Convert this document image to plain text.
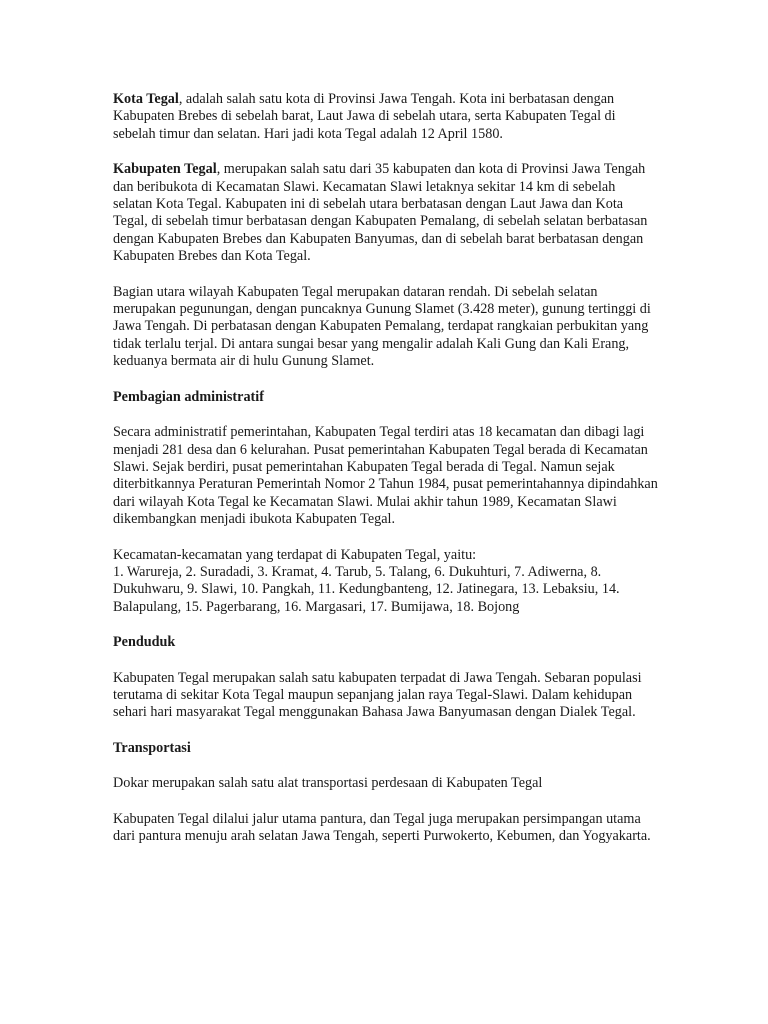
Kota Tegal, adalah salah satu kota di Provinsi Jawa Tengah. Kota ini berbatasan dengan Kabupaten Brebes di sebelah barat, Laut Jawa di sebelah utara, serta Kabupaten Tegal di sebelah timur dan selatan. Hari jadi kota Tegal adalah 12 April 1580.

Kabupaten Tegal, merupakan salah satu dari 35 kabupaten dan kota di Provinsi Jawa Tengah dan beribukota di Kecamatan Slawi. Kecamatan Slawi letaknya sekitar 14 km di sebelah selatan Kota Tegal. Kabupaten ini di sebelah utara berbatasan dengan Laut Jawa dan Kota Tegal, di sebelah timur berbatasan dengan Kabupaten Pemalang, di sebelah selatan berbatasan dengan Kabupaten Brebes dan Kabupaten Banyumas, dan di sebelah barat berbatasan dengan Kabupaten Brebes dan Kota Tegal.

Bagian utara wilayah Kabupaten Tegal merupakan dataran rendah. Di sebelah selatan merupakan pegunungan, dengan puncaknya Gunung Slamet (3.428 meter), gunung tertinggi di Jawa Tengah. Di perbatasan dengan Kabupaten Pemalang, terdapat rangkaian perbukitan yang tidak terlalu terjal. Di antara sungai besar yang mengalir adalah Kali Gung dan Kali Erang, keduanya bermata air di hulu Gunung Slamet.

Pembagian administratif

Secara administratif pemerintahan, Kabupaten Tegal terdiri atas 18 kecamatan dan dibagi lagi menjadi 281 desa dan 6 kelurahan. Pusat pemerintahan Kabupaten Tegal berada di Kecamatan Slawi. Sejak berdiri, pusat pemerintahan Kabupaten Tegal berada di Tegal. Namun sejak diterbitkannya Peraturan Pemerintah Nomor 2 Tahun 1984, pusat pemerintahannya dipindahkan dari wilayah Kota Tegal ke Kecamatan Slawi. Mulai akhir tahun 1989, Kecamatan Slawi dikembangkan menjadi ibukota Kabupaten Tegal.

Kecamatan-kecamatan yang terdapat di Kabupaten Tegal, yaitu:
1. Warureja, 2. Suradadi, 3. Kramat, 4. Tarub, 5. Talang, 6. Dukuhturi, 7. Adiwerna, 8. Dukuhwaru, 9. Slawi, 10. Pangkah, 11. Kedungbanteng, 12. Jatinegara, 13. Lebaksiu, 14. Balapulang, 15. Pagerbarang, 16. Margasari, 17. Bumijawa, 18. Bojong

Penduduk

Kabupaten Tegal merupakan salah satu kabupaten terpadat di Jawa Tengah. Sebaran populasi terutama di sekitar Kota Tegal maupun sepanjang jalan raya Tegal-Slawi. Dalam kehidupan sehari hari masyarakat Tegal menggunakan Bahasa Jawa Banyumasan dengan Dialek Tegal.

Transportasi

Dokar merupakan salah satu alat transportasi perdesaan di Kabupaten Tegal

Kabupaten Tegal dilalui jalur utama pantura, dan Tegal juga merupakan persimpangan utama dari pantura menuju arah selatan Jawa Tengah, seperti Purwokerto, Kebumen, dan Yogyakarta.
